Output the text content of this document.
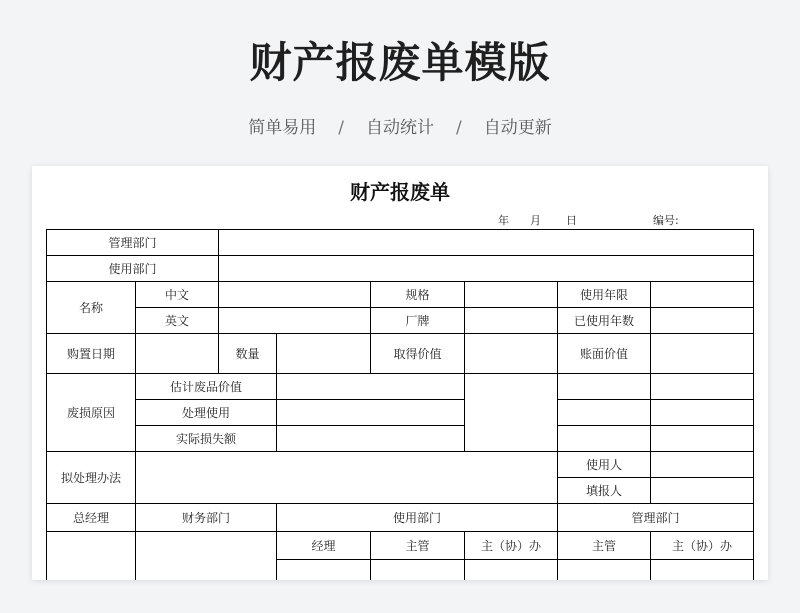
财产报废单模版
简单易用 / 自动统计 / 自动更新
财产报废单
年 月 日	编号:
管理部门							
使用部门							
名称	中文			规格		使用年限	
	英文			厂牌		已使用年数	
购置日期		数量		取得价值		账面价值	
废损原因	估计废品价值						
	处理使用						
	实际损失额						
拟处理办法						使用人	
						填报人	
总经理	财务部门		使用部门			管理部门	
			经理	主管	主（协）办	主管	主（协）办
